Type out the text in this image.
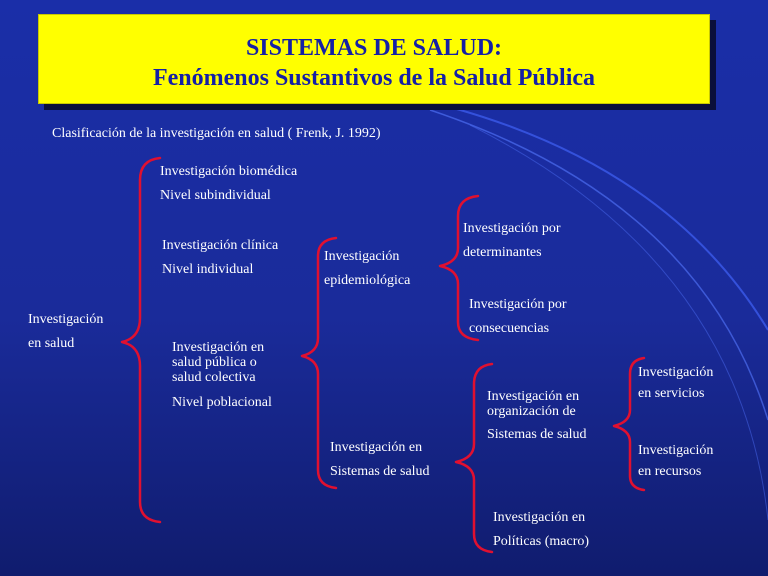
SISTEMAS DE SALUD:
Fenómenos Sustantivos de la Salud Pública
Clasificación de la investigación en salud ( Frenk, J. 1992)
Investigación
en salud
Investigación biomédica
Nivel subindividual
Investigación clínica
Nivel individual
Investigación en
salud pública o
salud colectiva
Nivel poblacional
Investigación
epidemiológica
Investigación en
Sistemas de salud
Investigación por
determinantes
Investigación por
consecuencias
Investigación en
organización de
Sistemas de salud
Investigación en
Políticas (macro)
Investigación
en servicios
Investigación
en recursos
